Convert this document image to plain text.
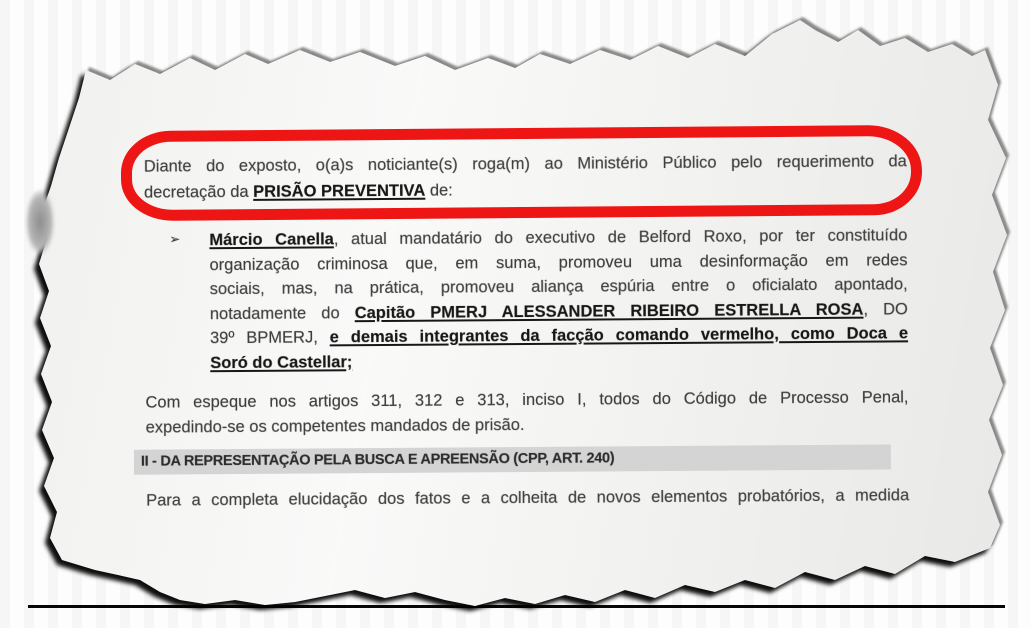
Diante do exposto, o(a)s noticiante(s) roga(m) ao Ministério Público pelo requerimento da
decretação da PRISÃO PREVENTIVA de:
➢ Márcio Canella, atual mandatário do executivo de Belford Roxo, por ter constituído
organização criminosa que, em suma, promoveu uma desinformação em redes
sociais, mas, na prática, promoveu aliança espúria entre o oficialato apontado,
notadamente do Capitão PMERJ ALESSANDER RIBEIRO ESTRELLA ROSA, DO
39º BPMERJ, e demais integrantes da facção comando vermelho, como Doca e
Soró do Castellar;
Com espeque nos artigos 311, 312 e 313, inciso I, todos do Código de Processo Penal,
expedindo-se os competentes mandados de prisão.
II - DA REPRESENTAÇÃO PELA BUSCA E APREENSÃO (CPP, ART. 240)
Para a completa elucidação dos fatos e a colheita de novos elementos probatórios, a medida
